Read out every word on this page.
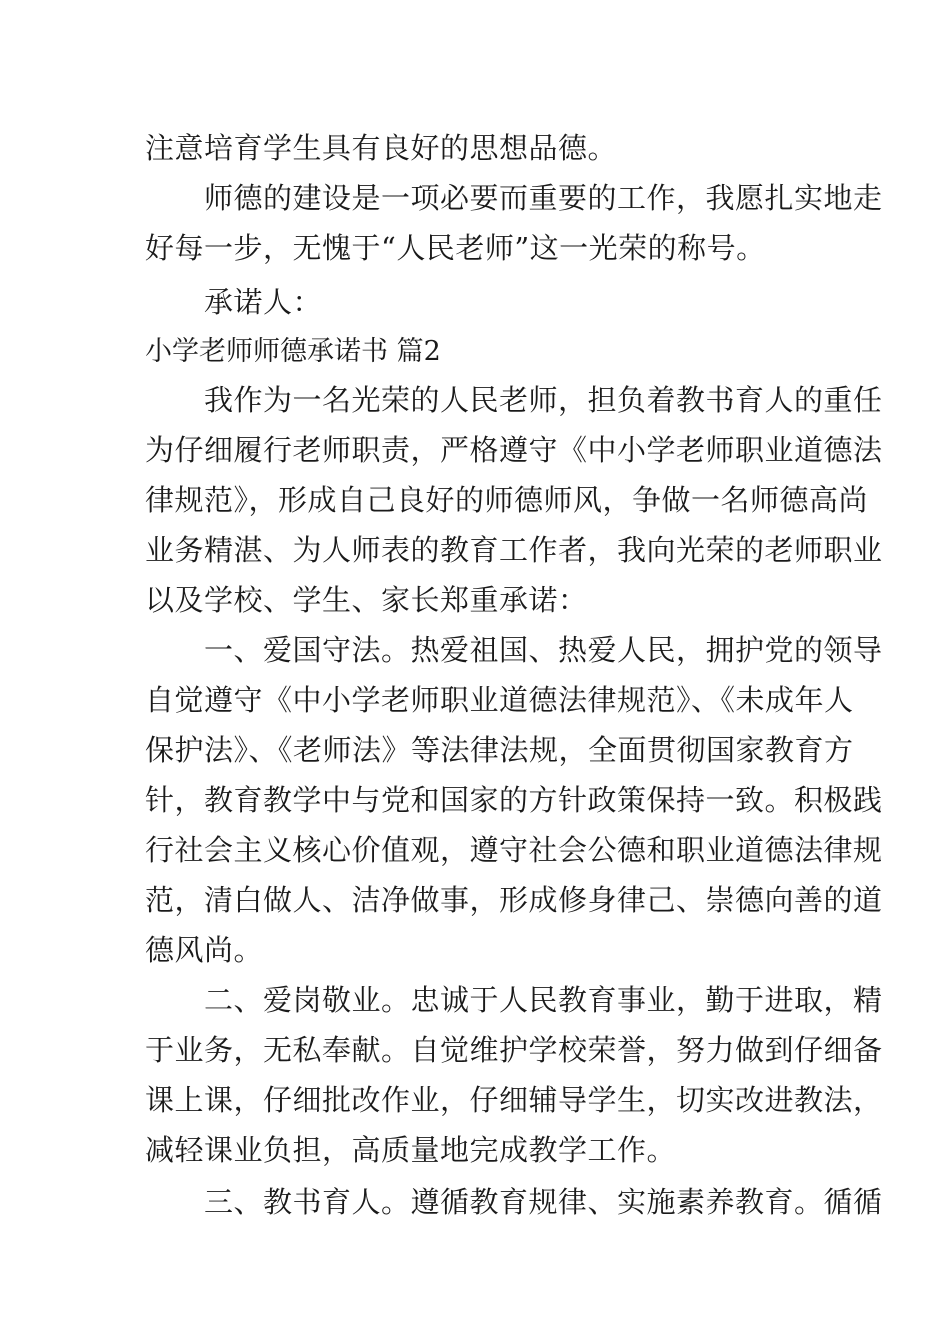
注意培育学生具有良好的思想品德。
　　师德的建设是一项必要而重要的工作，我愿扎实地走
好每一步，无愧于“人民老师”这一光荣的称号。
　　承诺人：
小学老师师德承诺书 篇2
　　我作为一名光荣的人民老师，担负着教书育人的重任
为仔细履行老师职责，严格遵守《中小学老师职业道德法
律规范》，形成自己良好的师德师风，争做一名师德高尚
业务精湛、为人师表的教育工作者，我向光荣的老师职业
以及学校、学生、家长郑重承诺：
　　一、爱国守法。热爱祖国、热爱人民，拥护党的领导
自觉遵守《中小学老师职业道德法律规范》、《未成年人
保护法》、《老师法》等法律法规，全面贯彻国家教育方
针，教育教学中与党和国家的方针政策保持一致。积极践
行社会主义核心价值观，遵守社会公德和职业道德法律规
范，清白做人、洁净做事，形成修身律己、崇德向善的道
德风尚。
　　二、爱岗敬业。忠诚于人民教育事业，勤于进取，精
于业务，无私奉献。自觉维护学校荣誉，努力做到仔细备
课上课，仔细批改作业，仔细辅导学生，切实改进教法，
减轻课业负担，高质量地完成教学工作。
　　三、教书育人。遵循教育规律、实施素养教育。循循
